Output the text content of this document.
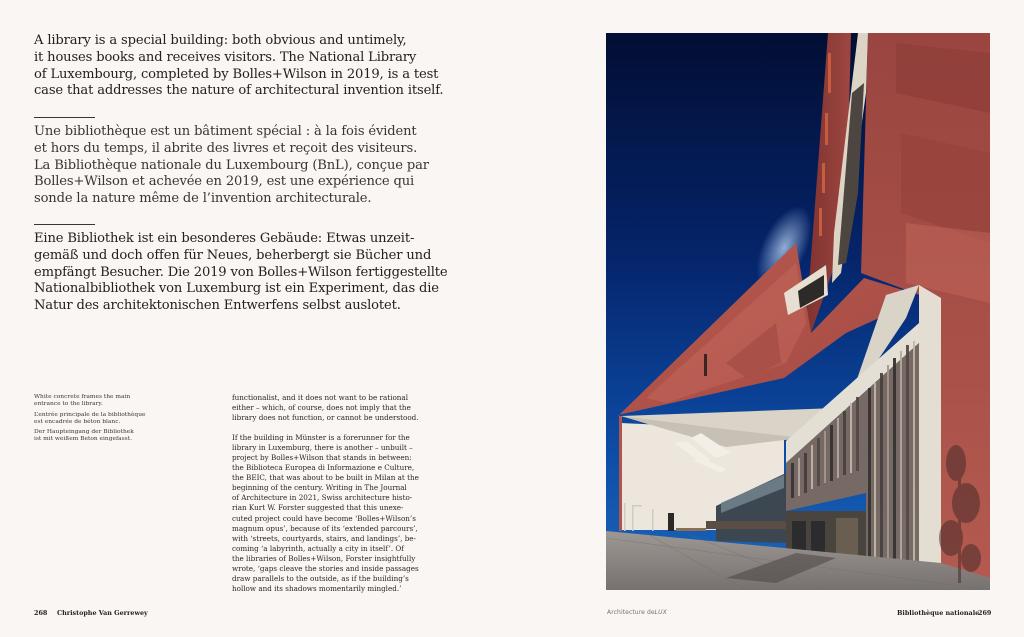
A library is a special building: both obvious and untimely,

it houses books and receives visitors. The National Library

of Luxembourg, completed by Bolles+Wilson in 2019, is a test

case that addresses the nature of architectural invention itself.

Une bibliothèque est un bâtiment spécial : à la fois évident

et hors du temps, il abrite des livres et reçoit des visiteurs.

La Bibliothèque nationale du Luxembourg (BnL), conçue par

Bolles+Wilson et achevée en 2019, est une expérience qui

sonde la nature même de l’invention architecturale.

Eine Bibliothek ist ein besonderes Gebäude: Etwas unzeit-

gemäß und doch offen für Neues, beherbergt sie Bücher und

empfängt Besucher. Die 2019 von Bolles+Wilson fertiggestellte

Nationalbibliothek von Luxemburg ist ein Experiment, das die

Natur des architektonischen Entwerfens selbst auslotet.

White concrete frames the main
entrance to the library.

L’entrée principale de la bibliothèque
est encadrée de béton blanc.

Der Haupteingang der Bibliothek
ist mit weißem Beton eingefasst.

functionalist, and it does not want to be rational

either – which, of course, does not imply that the

library does not function, or cannot be understood.

If the building in Münster is a forerunner for the

library in Luxemburg, there is another – unbuilt –

project by Bolles+Wilson that stands in between:

the Biblioteca Europea di Informazione e Culture,

the BEIC, that was about to be built in Milan at the

beginning of the century. Writing in The Journal

of Architecture in 2021, Swiss architecture histo-

rian Kurt W. Forster suggested that this unexe-

cuted project could have become ‘Bolles+Wilson’s

magnum opus’, because of its ‘extended parcours’,

with ‘streets, courtyards, stairs, and landings’, be-

coming ‘a labyrinth, actually a city in itself’. Of

the libraries of Bolles+Wilson, Forster insightfully

wrote, ‘gaps cleave the stories and inside passages

draw parallels to the outside, as if the building’s

hollow and its shadows momentarily mingled.’

268 Christophe Van Gerrewey	Architecture deLUX	Bibliothèque nationale
269
